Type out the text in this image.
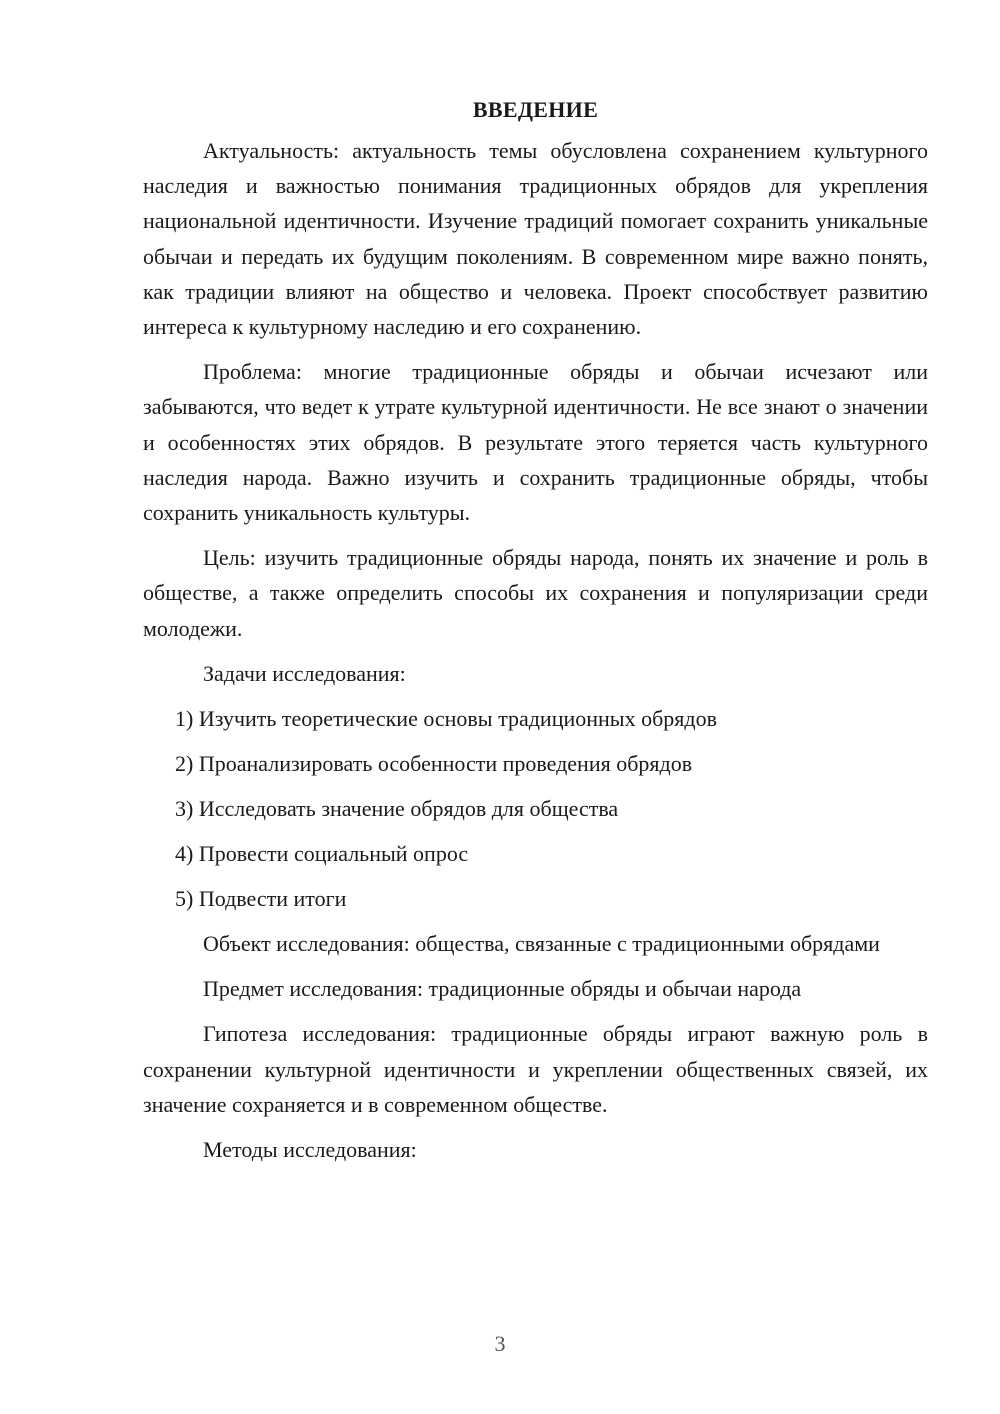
ВВЕДЕНИЕ

Актуальность: актуальность темы обусловлена сохранением культурного наследия и важностью понимания традиционных обрядов для укрепления национальной идентичности. Изучение традиций помогает сохранить уникальные обычаи и передать их будущим поколениям. В современном мире важно понять, как традиции влияют на общество и человека. Проект способствует развитию интереса к культурному наследию и его сохранению.

Проблема: многие традиционные обряды и обычаи исчезают или забываются, что ведет к утрате культурной идентичности. Не все знают о значении и особенностях этих обрядов. В результате этого теряется часть культурного наследия народа. Важно изучить и сохранить традиционные обряды, чтобы сохранить уникальность культуры.

Цель: изучить традиционные обряды народа, понять их значение и роль в обществе, а также определить способы их сохранения и популяризации среди молодежи.

Задачи исследования:

1) Изучить теоретические основы традиционных обрядов
2) Проанализировать особенности проведения обрядов
3) Исследовать значение обрядов для общества
4) Провести социальный опрос
5) Подвести итоги

Объект исследования: общества, связанные с традиционными обрядами

Предмет исследования: традиционные обряды и обычаи народа

Гипотеза исследования: традиционные обряды играют важную роль в сохранении культурной идентичности и укреплении общественных связей, их значение сохраняется и в современном обществе.

Методы исследования:

3
